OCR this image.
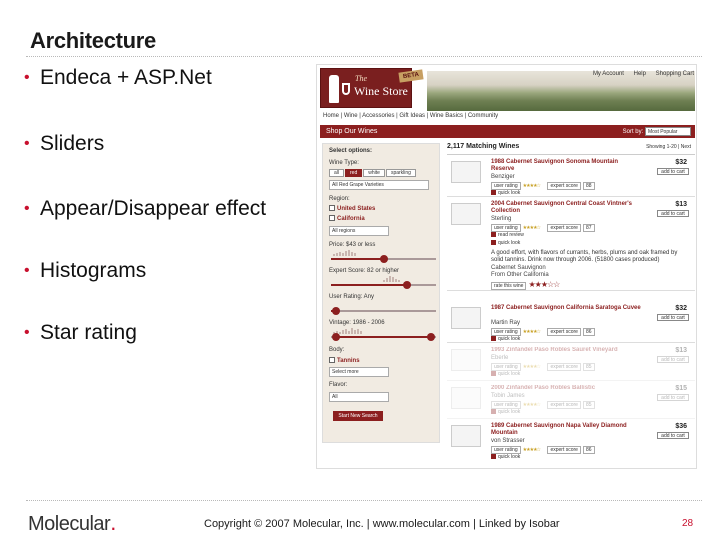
Architecture
• Endeca + ASP.Net
• Sliders
• Appear/Disappear effect
• Histograms
• Star rating
The
Wine Store
BETA	My Account Help Shopping Cart
Home | Wine | Accessories | Gift Ideas | Wine Basics | Community
Shop Our Wines	Sort by: Most Popular
Select options:
Wine Type:
all	red	white	sparkling
All Red Grape Varieties
Region:
United States
California
All regions
Price: $43 or less
Expert Score: 82 or higher
User Rating: Any
Vintage: 1986 - 2006
Body:
Tannins
Select more
Flavor:
All
Start New Search
2,117 Matching Wines	Showing 1-20 | Next
1988 Cabernet Sauvignon Sonoma Mountain Reserve
$32
add to cart
Benziger
user rating ★★★★☆ expert score 88
quick look
2004 Cabernet Sauvignon Central Coast Vintner's Collection
$13
add to cart
Sterling
user rating ★★★★☆ expert score 87
read review
quick look
A good effort, with flavors of currants, herbs, plums and oak framed by solid tannins. Drink now through 2006. (51800 cases produced)
Cabernet Sauvignon
From Other California
rate this wine ★★★☆☆
1987 Cabernet Sauvignon California Saratoga Cuvee	$32
add to cart
Martin Ray
user rating ★★★★☆ expert score 86
quick look
1993 Zinfandel Paso Robles Sauret Vineyard	$13
add to cart
Eberle
user rating ★★★★☆ expert score 85
quick look
2000 Zinfandel Paso Robles Ballistic	$15
add to cart
Tobin James
user rating ★★★★☆ expert score 85
quick look
1989 Cabernet Sauvignon Napa Valley Diamond Mountain
$36
add to cart
von Strasser
user rating ★★★★☆ expert score 86
quick look
Molecular.	Copyright © 2007 Molecular, Inc. | www.molecular.com | Linked by Isobar	28
